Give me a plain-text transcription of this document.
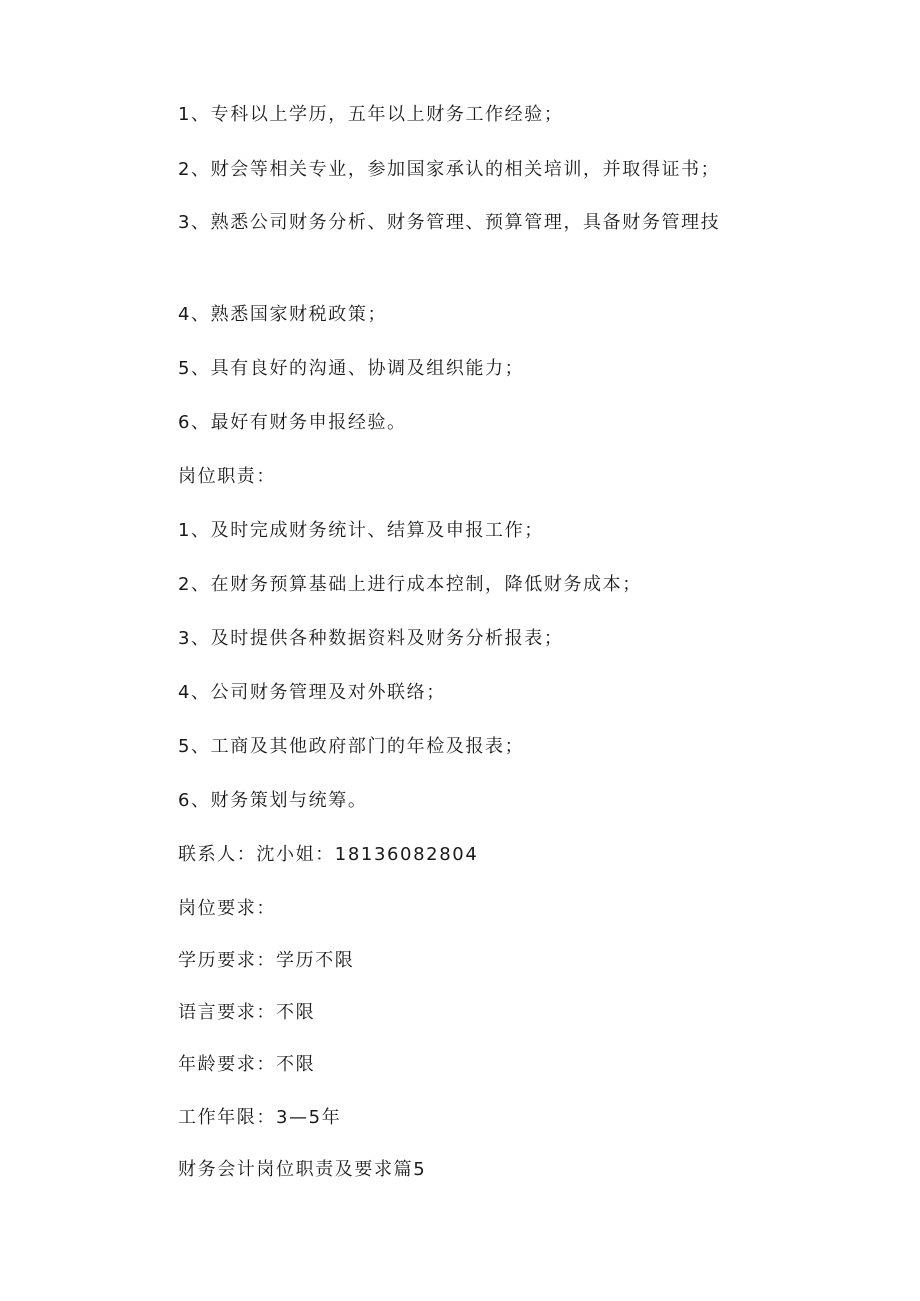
1、专科以上学历，五年以上财务工作经验；
2、财会等相关专业，参加国家承认的相关培训，并取得证书；
3、熟悉公司财务分析、财务管理、预算管理，具备财务管理技
4、熟悉国家财税政策；
5、具有良好的沟通、协调及组织能力；
6、最好有财务申报经验。
岗位职责：
1、及时完成财务统计、结算及申报工作；
2、在财务预算基础上进行成本控制，降低财务成本；
3、及时提供各种数据资料及财务分析报表；
4、公司财务管理及对外联络；
5、工商及其他政府部门的年检及报表；
6、财务策划与统筹。
联系人：沈小姐：18136082804
岗位要求：
学历要求：学历不限
语言要求：不限
年龄要求：不限
工作年限：3—5年
财务会计岗位职责及要求篇5
